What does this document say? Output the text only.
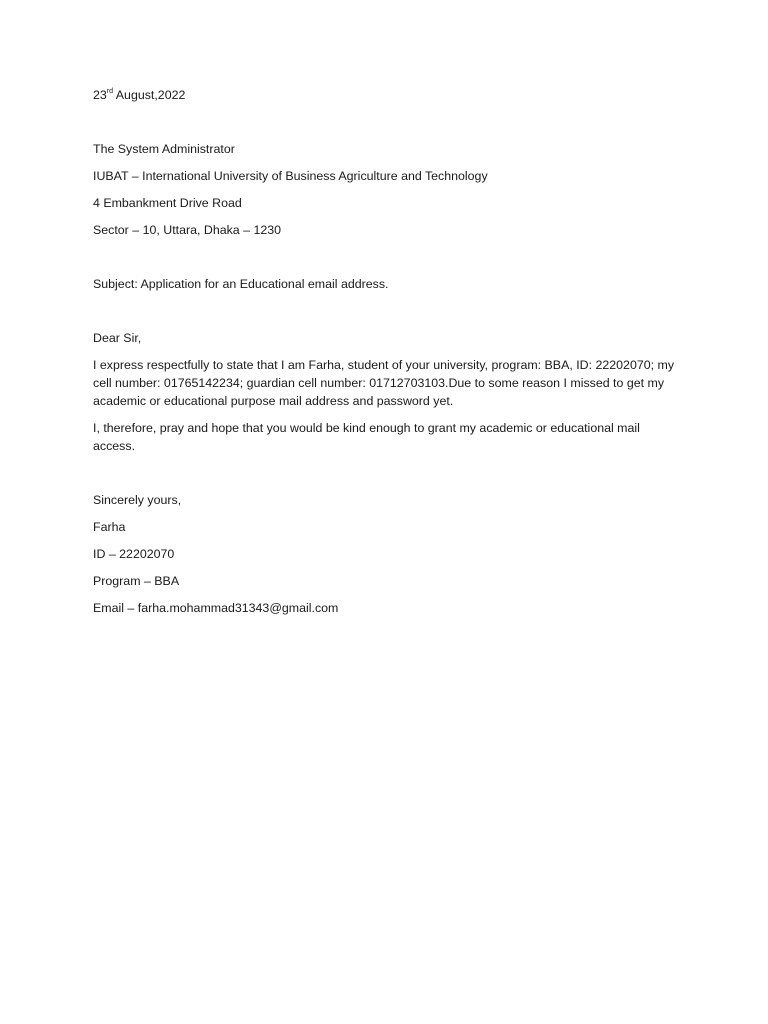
23rd August,2022

The System Administrator

IUBAT – International University of Business Agriculture and Technology

4 Embankment Drive Road

Sector – 10, Uttara, Dhaka – 1230

Subject: Application for an Educational email address.

Dear Sir,

I express respectfully to state that I am Farha, student of your university, program: BBA, ID: 22202070; my cell number: 01765142234; guardian cell number: 01712703103.Due to some reason I missed to get my academic or educational purpose mail address and password yet.

I, therefore, pray and hope that you would be kind enough to grant my academic or educational mail access.

Sincerely yours,

Farha

ID – 22202070

Program – BBA

Email – farha.mohammad31343@gmail.com
